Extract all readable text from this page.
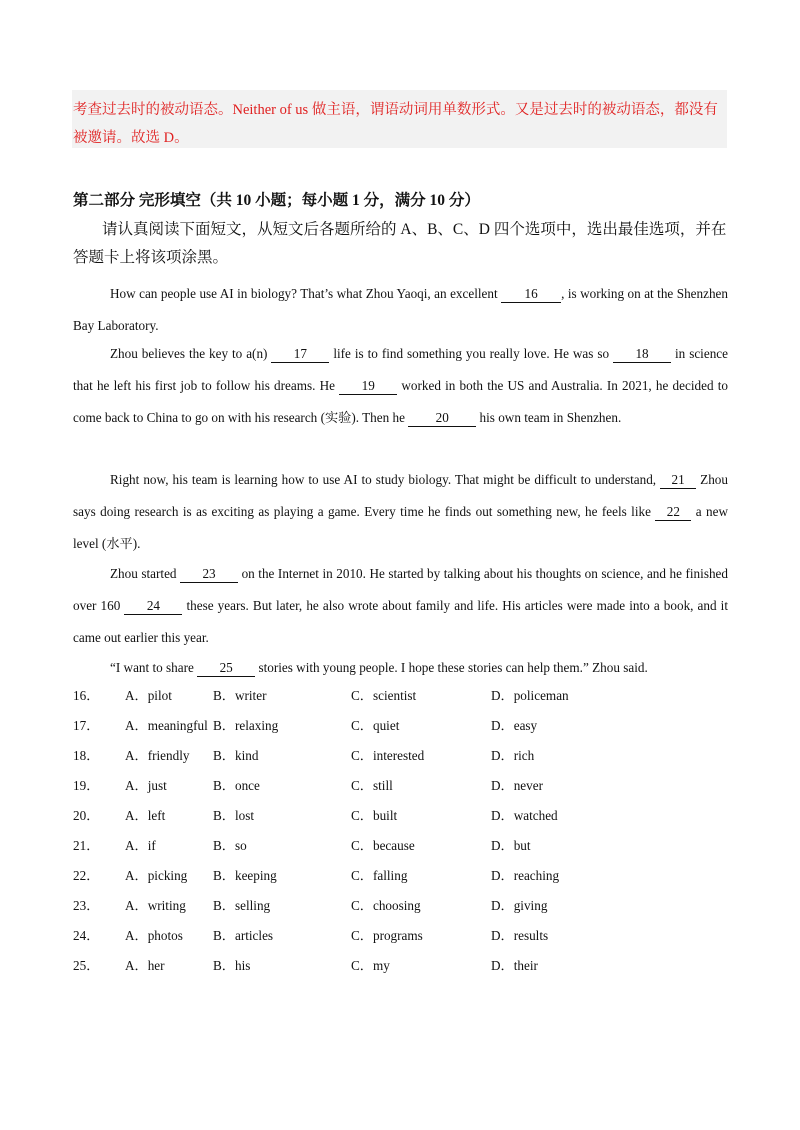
考查过去时的被动语态。Neither of us 做主语，谓语动词用单数形式。又是过去时的被动语态，都没有被邀请。故选 D。
第二部分 完形填空（共 10 小题；每小题 1 分，满分 10 分）
请认真阅读下面短文，从短文后各题所给的 A、B、C、D 四个选项中，选出最佳选项，并在答题卡上将该项涂黑。

How can people use AI in biology? That’s what Zhou Yaoqi, an excellent 16 , is working on at the Shenzhen Bay Laboratory.

Zhou believes the key to a(n) 17 life is to find something you really love. He was so 18 in science that he left his first job to follow his dreams. He 19 worked in both the US and Australia. In 2021, he decided to come back to China to go on with his research (实验). Then he 20 his own team in Shenzhen.

Right now, his team is learning how to use AI to study biology. That might be difficult to understand, 21 Zhou says doing research is as exciting as playing a game. Every time he finds out something new, he feels like 22 a new level (水平).

Zhou started 23 on the Internet in 2010. He started by talking about his thoughts on science, and he finished over 160 24 these years. But later, he also wrote about family and life. His articles were made into a book, and it came out earlier this year.

“I want to share 25 stories with young people. I hope these stories can help them.” Zhou said.

16． A．pilot	B．writer	C．scientist	D．policeman
17． A．meaningful B．relaxing	C．quiet	D．easy
18． A．friendly B．kind	C．interested	D．rich
19． A．just	B．once	C．still	D．never
20． A．left	B．lost	C．built	D．watched
21． A．if	B．so	C．because	D．but
22． A．picking B．keeping	C．falling	D．reaching
23． A．writing B．selling	C．choosing	D．giving
24． A．photos B．articles	C．programs	D．results
25． A．her	B．his	C．my	D．their
